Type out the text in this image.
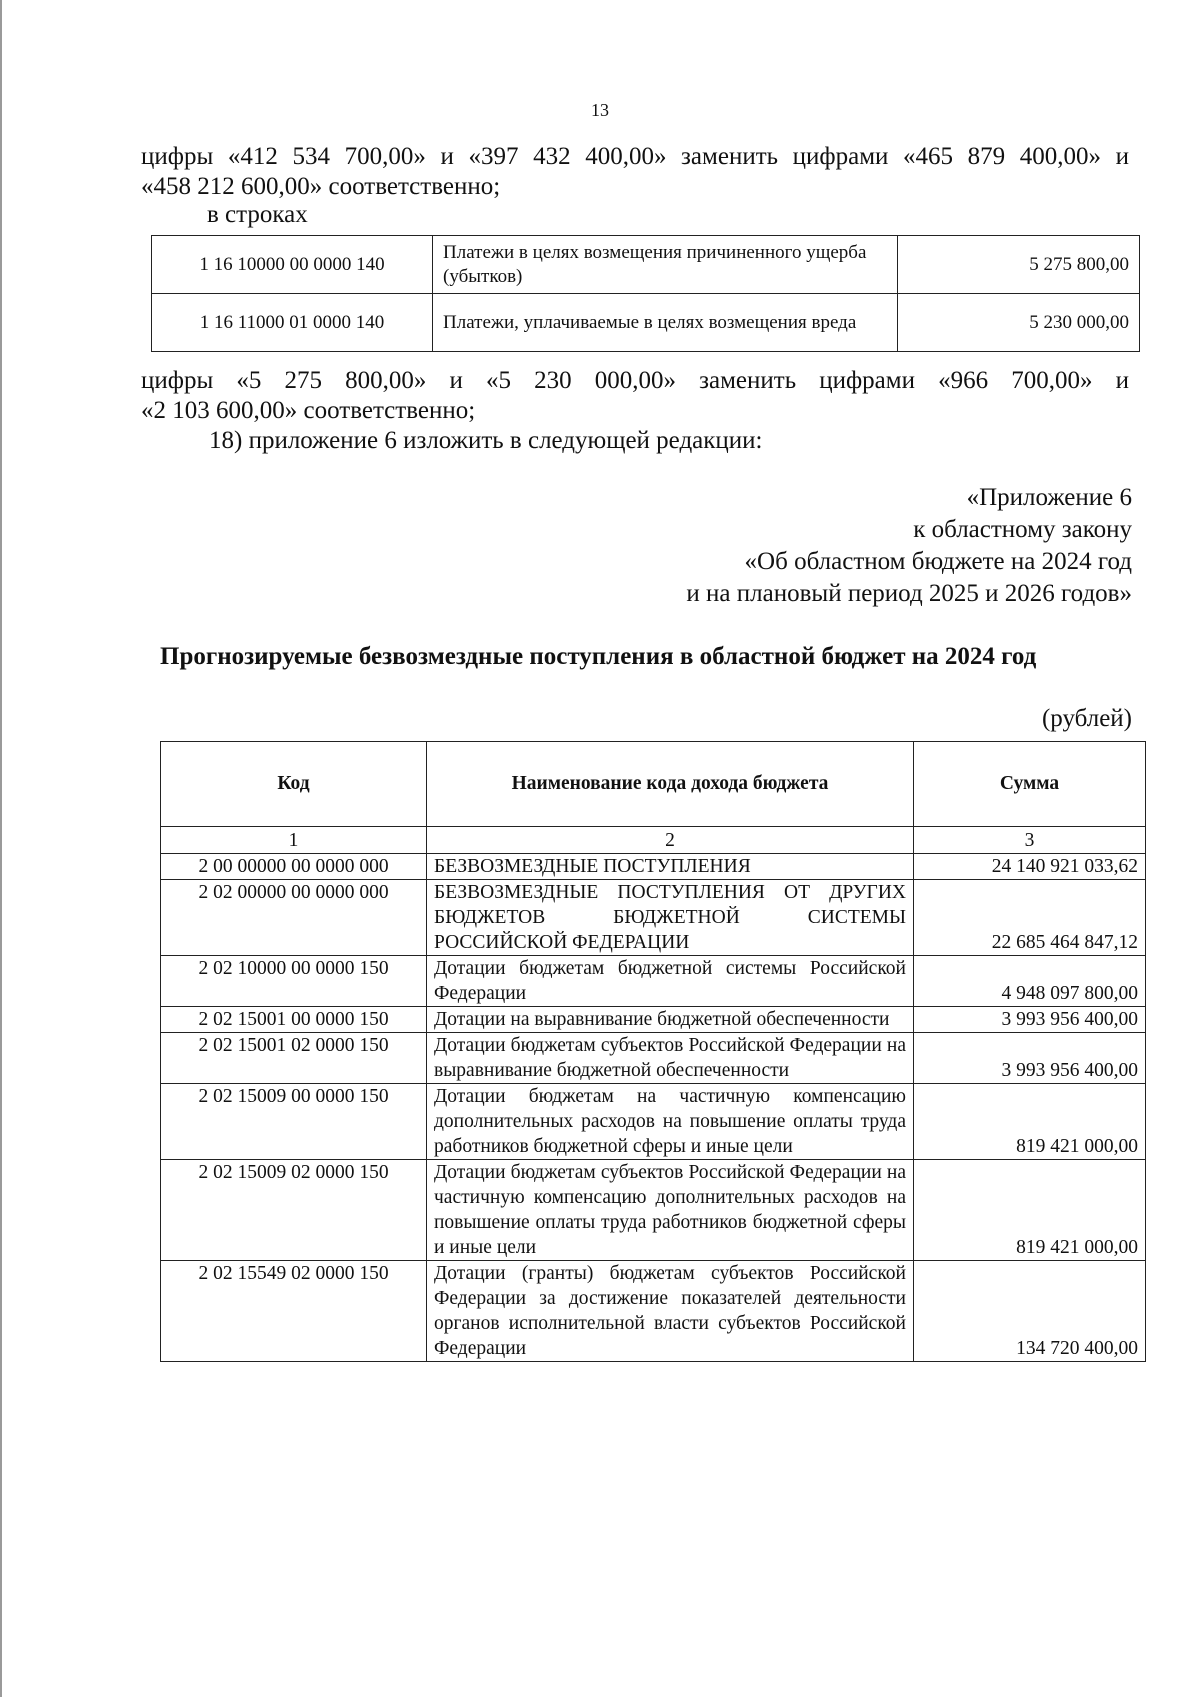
13
цифры «412 534 700,00» и «397 432 400,00» заменить цифрами «465 879 400,00» и
«458 212 600,00» соответственно;
в строках
1 16 10000 00 0000 140	Платежи в целях возмещения причиненного ущерба (убытков)	5 275 800,00
1 16 11000 01 0000 140	Платежи, уплачиваемые в целях возмещения вреда	5 230 000,00
цифры «5 275 800,00» и «5 230 000,00» заменить цифрами «966 700,00» и
«2 103 600,00» соответственно;
18) приложение 6 изложить в следующей редакции:
«Приложение 6
к областному закону
«Об областном бюджете на 2024 год
и на плановый период 2025 и 2026 годов»
Прогнозируемые безвозмездные поступления в областной бюджет на 2024 год
(рублей)
Код	Наименование кода дохода бюджета	Сумма
1	2	3
2 00 00000 00 0000 000	БЕЗВОЗМЕЗДНЫЕ ПОСТУПЛЕНИЯ	24 140 921 033,62
2 02 00000 00 0000 000	БЕЗВОЗМЕЗДНЫЕ ПОСТУПЛЕНИЯ ОТ ДРУГИХ БЮДЖЕТОВ БЮДЖЕТНОЙ СИСТЕМЫ РОССИЙСКОЙ ФЕДЕРАЦИИ	22 685 464 847,12
2 02 10000 00 0000 150	Дотации бюджетам бюджетной системы Российской Федерации	4 948 097 800,00
2 02 15001 00 0000 150	Дотации на выравнивание бюджетной обеспеченности	3 993 956 400,00
2 02 15001 02 0000 150	Дотации бюджетам субъектов Российской Федерации на выравнивание бюджетной обеспеченности	3 993 956 400,00
2 02 15009 00 0000 150	Дотации бюджетам на частичную компенсацию дополнительных расходов на повышение оплаты труда работников бюджетной сферы и иные цели	819 421 000,00
2 02 15009 02 0000 150	Дотации бюджетам субъектов Российской Федерации на частичную компенсацию дополнительных расходов на повышение оплаты труда работников бюджетной сферы и иные цели	819 421 000,00
2 02 15549 02 0000 150	Дотации (гранты) бюджетам субъектов Российской Федерации за достижение показателей деятельности органов исполнительной власти субъектов Российской Федерации	134 720 400,00
